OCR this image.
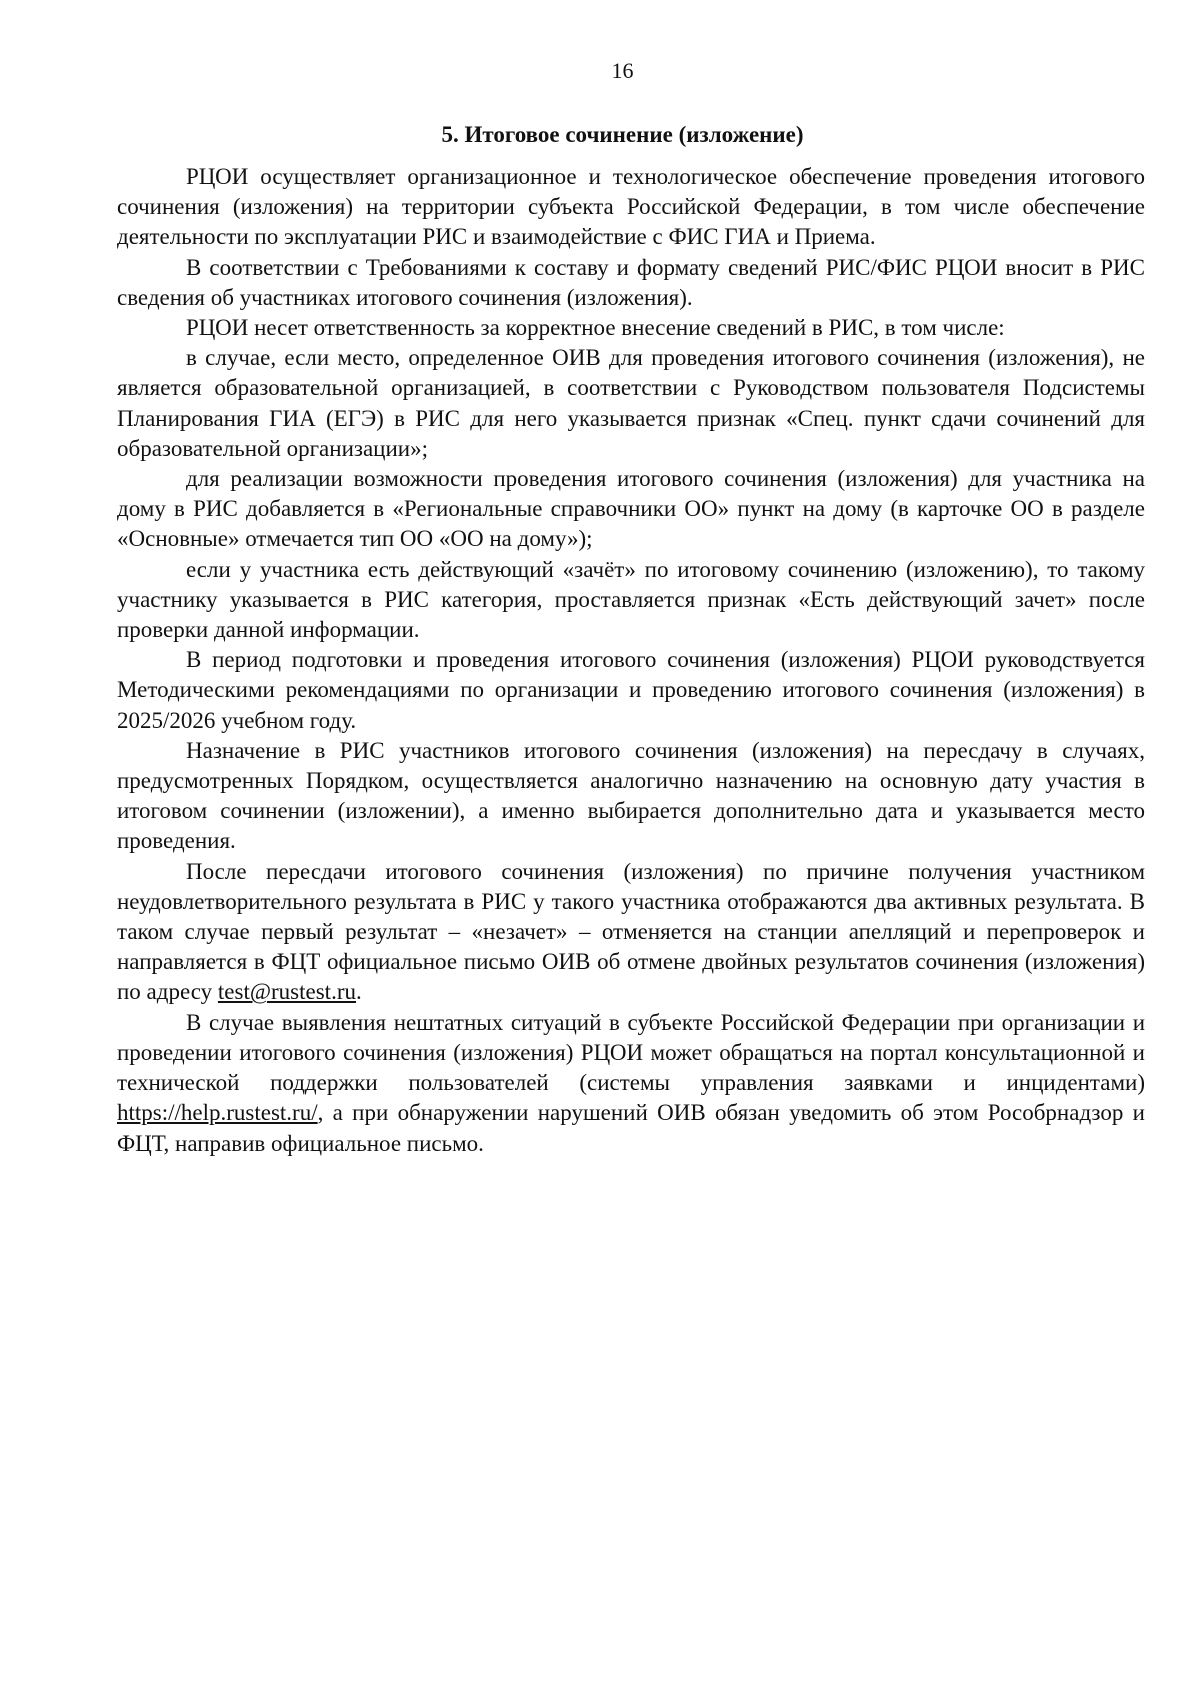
16
5. Итоговое сочинение (изложение)

РЦОИ осуществляет организационное и технологическое обеспечение проведения итогового сочинения (изложения) на территории субъекта Российской Федерации, в том числе обеспечение деятельности по эксплуатации РИС и взаимодействие с ФИС ГИА и Приема.

В соответствии с Требованиями к составу и формату сведений РИС/ФИС РЦОИ вносит в РИС сведения об участниках итогового сочинения (изложения).

РЦОИ несет ответственность за корректное внесение сведений в РИС, в том числе:

в случае, если место, определенное ОИВ для проведения итогового сочинения (изложения), не является образовательной организацией, в соответствии с Руководством пользователя Подсистемы Планирования ГИА (ЕГЭ) в РИС для него указывается признак «Спец. пункт сдачи сочинений для образовательной организации»;

для реализации возможности проведения итогового сочинения (изложения) для участника на дому в РИС добавляется в «Региональные справочники ОО» пункт на дому (в карточке ОО в разделе «Основные» отмечается тип ОО «ОО на дому»);

если у участника есть действующий «зачёт» по итоговому сочинению (изложению), то такому участнику указывается в РИС категория, проставляется признак «Есть действующий зачет» после проверки данной информации.

В период подготовки и проведения итогового сочинения (изложения) РЦОИ руководствуется Методическими рекомендациями по организации и проведению итогового сочинения (изложения) в 2025/2026 учебном году.

Назначение в РИС участников итогового сочинения (изложения) на пересдачу в случаях, предусмотренных Порядком, осуществляется аналогично назначению на основную дату участия в итоговом сочинении (изложении), а именно выбирается дополнительно дата и указывается место проведения.

После пересдачи итогового сочинения (изложения) по причине получения участником неудовлетворительного результата в РИС у такого участника отображаются два активных результата. В таком случае первый результат – «незачет» – отменяется на станции апелляций и перепроверок и направляется в ФЦТ официальное письмо ОИВ об отмене двойных результатов сочинения (изложения) по адресу test@rustest.ru.

В случае выявления нештатных ситуаций в субъекте Российской Федерации при организации и проведении итогового сочинения (изложения) РЦОИ может обращаться на портал консультационной и технической поддержки пользователей (системы управления заявками и инцидентами) https://help.rustest.ru/, а при обнаружении нарушений ОИВ обязан уведомить об этом Рособрнадзор и ФЦТ, направив официальное письмо.
